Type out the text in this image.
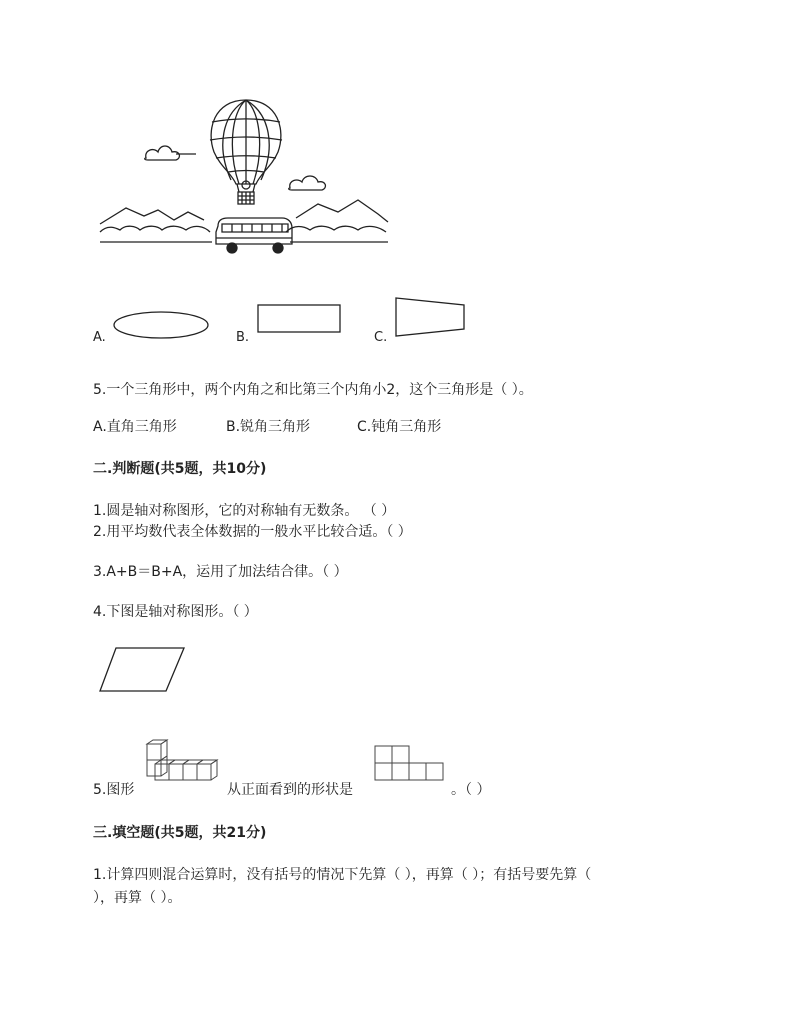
A.	B.	C.
5.一个三角形中，两个内角之和比第三个内角小2，这个三角形是（ ）。
A.直角三角形	B.锐角三角形	C.钝角三角形
二.判断题(共5题，共10分)
1.圆是轴对称图形，它的对称轴有无数条。 （ ）
2.用平均数代表全体数据的一般水平比较合适。（ ）
3.A+B＝B+A，运用了加法结合律。（ ）
4.下图是轴对称图形。（ ）
5.图形	从正面看到的形状是	。（ ）
三.填空题(共5题，共21分)
1.计算四则混合运算时，没有括号的情况下先算（ ），再算（ ）；有括号要先算（
），再算（ ）。
